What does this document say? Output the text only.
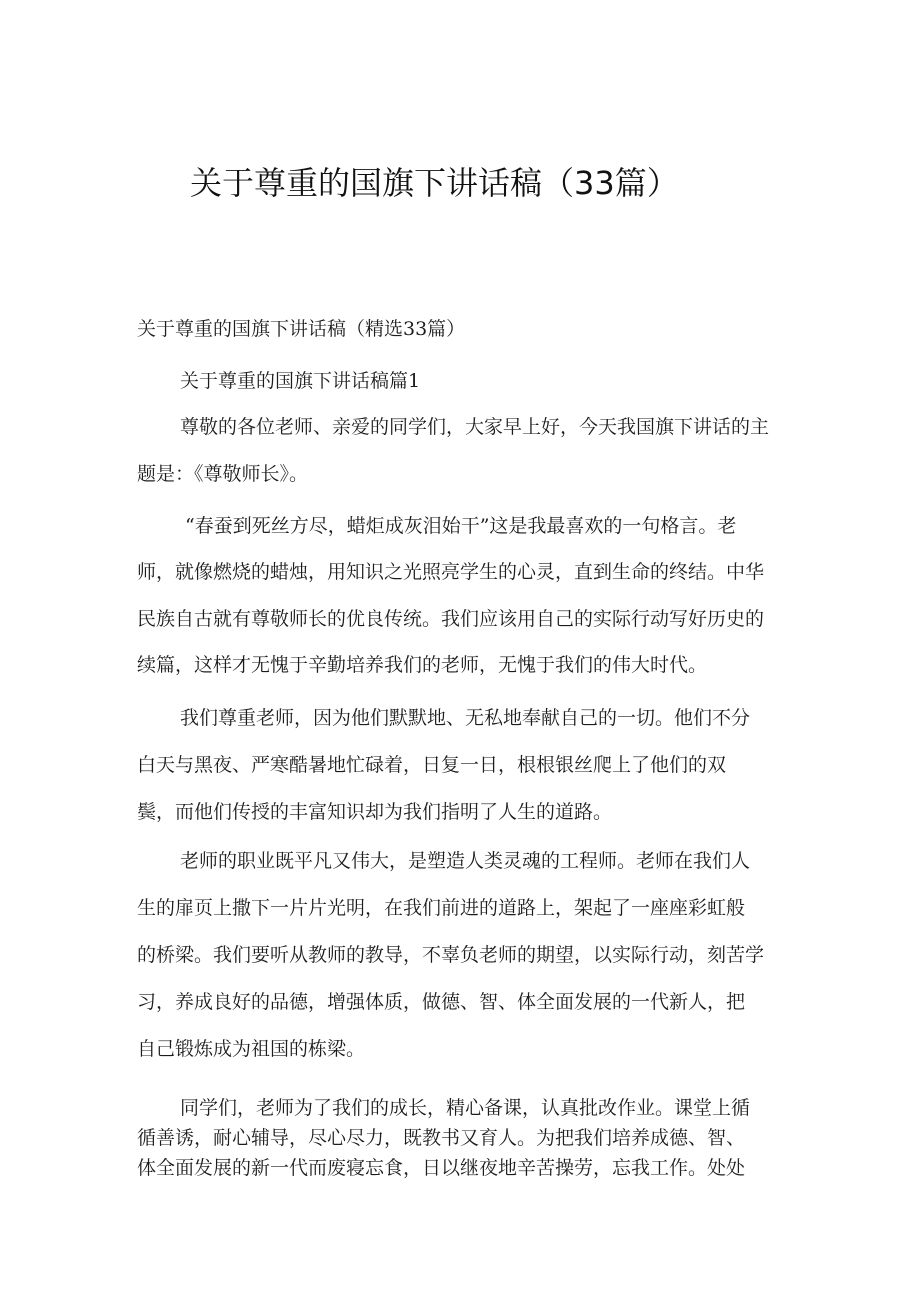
关于尊重的国旗下讲话稿（33篇）
关于尊重的国旗下讲话稿（精选33篇）
关于尊重的国旗下讲话稿篇1
尊敬的各位老师、亲爱的同学们，大家早上好，今天我国旗下讲话的主
题是：《尊敬师长》。
“春蚕到死丝方尽，蜡炬成灰泪始干”这是我最喜欢的一句格言。老
师，就像燃烧的蜡烛，用知识之光照亮学生的心灵，直到生命的终结。中华
民族自古就有尊敬师长的优良传统。我们应该用自己的实际行动写好历史的
续篇，这样才无愧于辛勤培养我们的老师，无愧于我们的伟大时代。
我们尊重老师，因为他们默默地、无私地奉献自己的一切。他们不分
白天与黑夜、严寒酷暑地忙碌着，日复一日，根根银丝爬上了他们的双
鬓，而他们传授的丰富知识却为我们指明了人生的道路。
老师的职业既平凡又伟大，是塑造人类灵魂的工程师。老师在我们人
生的扉页上撒下一片片光明，在我们前进的道路上，架起了一座座彩虹般
的桥梁。我们要听从教师的教导，不辜负老师的期望，以实际行动，刻苦学
习，养成良好的品德，增强体质，做德、智、体全面发展的一代新人，把
自己锻炼成为祖国的栋梁。
同学们，老师为了我们的成长，精心备课，认真批改作业。课堂上循
循善诱，耐心辅导，尽心尽力，既教书又育人。为把我们培养成德、智、
体全面发展的新一代而废寝忘食，日以继夜地辛苦操劳，忘我工作。处处
